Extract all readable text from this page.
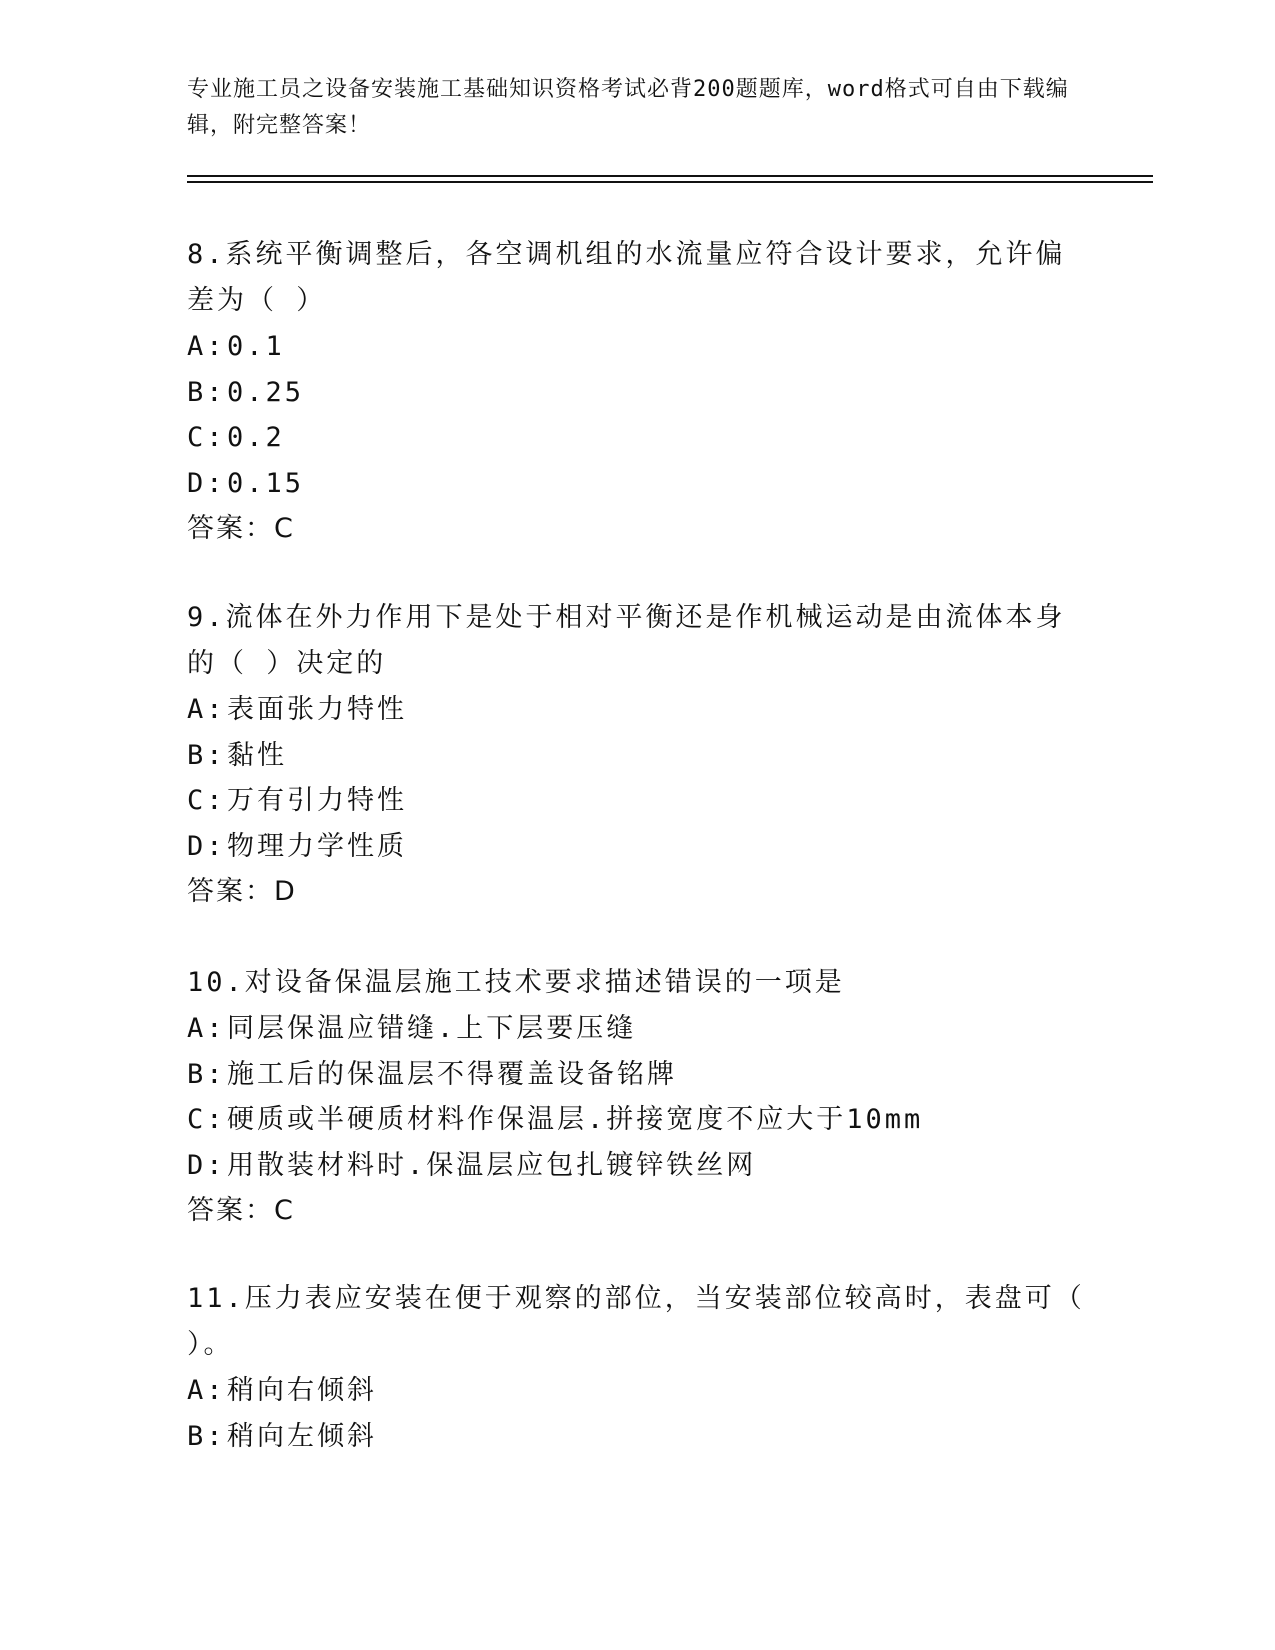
专业施工员之设备安装施工基础知识资格考试必背200题题库，word格式可自由下载编辑，附完整答案！
8.系统平衡调整后，各空调机组的水流量应符合设计要求，允许偏差为（ ）
A:0.1
B:0.25
C:0.2
D:0.15
答案：C
9.流体在外力作用下是处于相对平衡还是作机械运动是由流体本身的（ ）决定的
A:表面张力特性
B:黏性
C:万有引力特性
D:物理力学性质
答案：D
10.对设备保温层施工技术要求描述错误的一项是
A:同层保温应错缝.上下层要压缝
B:施工后的保温层不得覆盖设备铭牌
C:硬质或半硬质材料作保温层.拼接宽度不应大于10mm
D:用散装材料时.保温层应包扎镀锌铁丝网
答案：C
11.压力表应安装在便于观察的部位，当安装部位较高时，表盘可（ ）。
A:稍向右倾斜
B:稍向左倾斜
